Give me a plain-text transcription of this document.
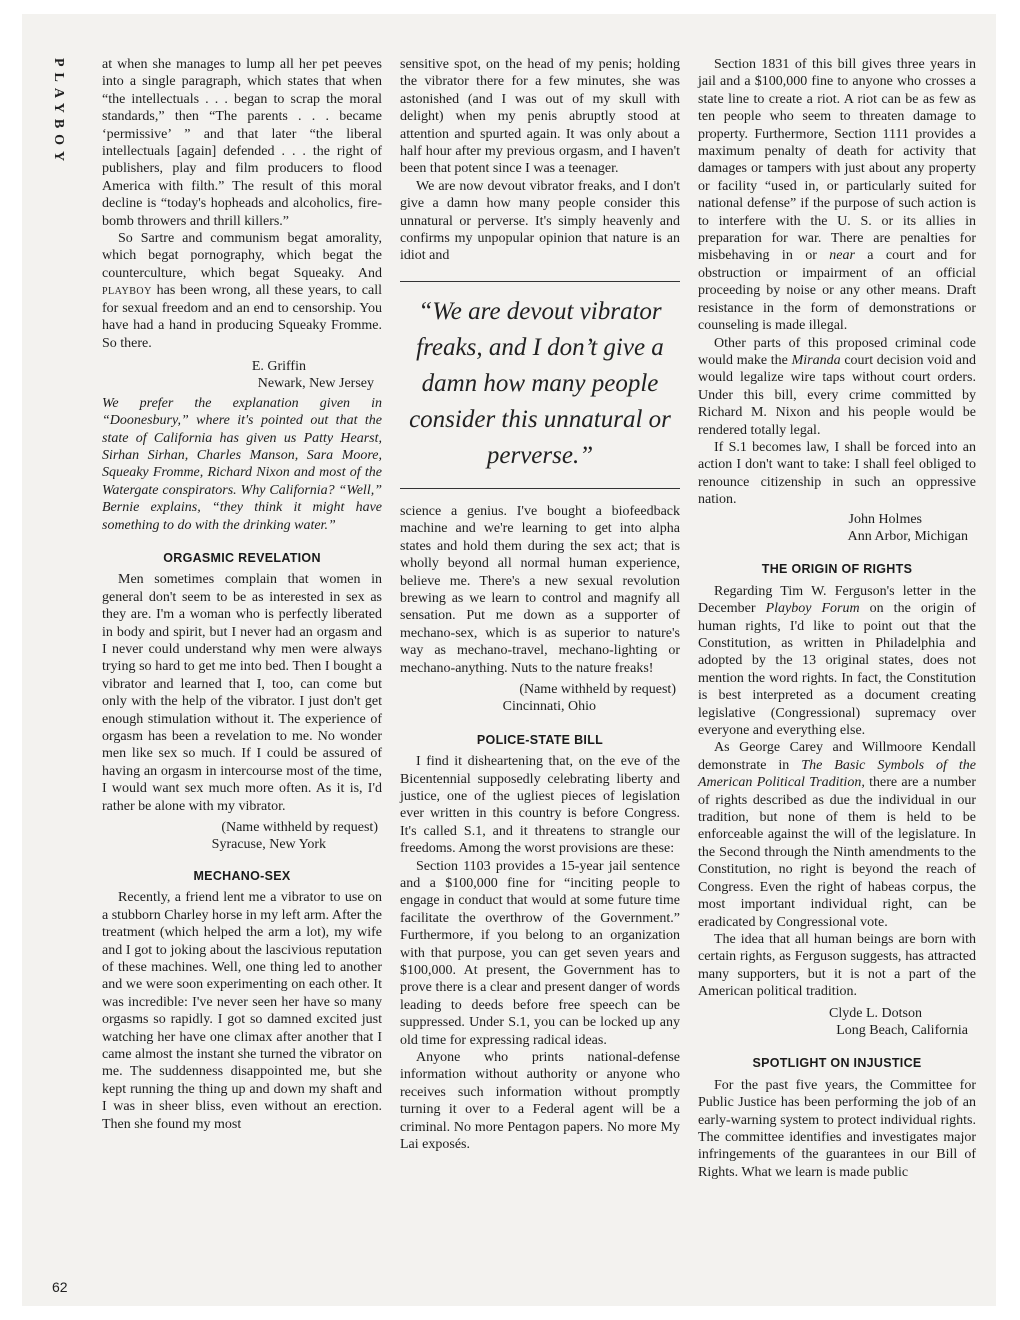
PLAYBOY
62

at when she manages to lump all her pet peeves into a single paragraph, which states that when “the intellectuals . . . began to scrap the moral standards,” then “The parents . . . became ‘permissive’ ” and that later “the liberal intellectuals [again] defended . . . the right of publishers, play and film producers to flood America with filth.” The result of this moral decline is “today's hopheads and alcoholics, fire-bomb throwers and thrill killers.”

So Sartre and communism begat amorality, which begat pornography, which begat the counterculture, which begat Squeaky. And playboy has been wrong, all these years, to call for sexual freedom and an end to censorship. You have had a hand in producing Squeaky Fromme. So there.

E. Griffin
Newark, New Jersey

We prefer the explanation given in “Doonesbury,” where it's pointed out that the state of California has given us Patty Hearst, Sirhan Sirhan, Charles Manson, Sara Moore, Squeaky Fromme, Richard Nixon and most of the Watergate conspirators. Why California? “Well,” Bernie explains, “they think it might have something to do with the drinking water.”

ORGASMIC REVELATION

Men sometimes complain that women in general don't seem to be as interested in sex as they are. I'm a woman who is perfectly liberated in body and spirit, but I never had an orgasm and I never could understand why men were always trying so hard to get me into bed. Then I bought a vibrator and learned that I, too, can come but only with the help of the vibrator. I just don't get enough stimulation without it. The experience of orgasm has been a revelation to me. No wonder men like sex so much. If I could be assured of having an orgasm in intercourse most of the time, I would want sex much more often. As it is, I'd rather be alone with my vibrator.

(Name withheld by request)
Syracuse, New York
MECHANO-SEX

Recently, a friend lent me a vibrator to use on a stubborn Charley horse in my left arm. After the treatment (which helped the arm a lot), my wife and I got to joking about the lascivious reputation of these machines. Well, one thing led to another and we were soon experimenting on each other. It was incredible: I've never seen her have so many orgasms so rapidly. I got so damned excited just watching her have one climax after another that I came almost the instant she turned the vibrator on me. The suddenness disappointed me, but she kept running the thing up and down my shaft and I was in sheer bliss, even without an erection. Then she found my most

sensitive spot, on the head of my penis; holding the vibrator there for a few minutes, she was astonished (and I was out of my skull with delight) when my penis abruptly stood at attention and spurted again. It was only about a half hour after my previous orgasm, and I haven't been that potent since I was a teenager.

We are now devout vibrator freaks, and I don't give a damn how many people consider this unnatural or perverse. It's simply heavenly and confirms my unpopular opinion that nature is an idiot and

“We are devout vibrator freaks, and I don’t give a damn how many people consider this unnatural or perverse.”

science a genius. I've bought a biofeedback machine and we're learning to get into alpha states and hold them during the sex act; that is wholly beyond all normal human experience, believe me. There's a new sexual revolution brewing as we learn to control and magnify all sensation. Put me down as a supporter of mechano-sex, which is as superior to nature's way as mechano-travel, mechano-lighting or mechano-anything. Nuts to the nature freaks!

(Name withheld by request)
Cincinnati, Ohio
POLICE-STATE BILL

I find it disheartening that, on the eve of the Bicentennial supposedly celebrating liberty and justice, one of the ugliest pieces of legislation ever written in this country is before Congress. It's called S.1, and it threatens to strangle our freedoms. Among the worst provisions are these:

Section 1103 provides a 15-year jail sentence and a $100,000 fine for “inciting people to engage in conduct that would at some future time facilitate the overthrow of the Government.” Furthermore, if you belong to an organization with that purpose, you can get seven years and $100,000. At present, the Government has to prove there is a clear and present danger of words leading to deeds before free speech can be suppressed. Under S.1, you can be locked up any old time for expressing radical ideas.

Anyone who prints national-defense information without authority or anyone who receives such information without promptly turning it over to a Federal agent will be a criminal. No more Pentagon papers. No more My Lai exposés.

Section 1831 of this bill gives three years in jail and a $100,000 fine to anyone who crosses a state line to create a riot. A riot can be as few as ten people who seem to threaten damage to property. Furthermore, Section 1111 provides a maximum penalty of death for activity that damages or tampers with just about any property or facility “used in, or particularly suited for national defense” if the purpose of such action is to interfere with the U. S. or its allies in preparation for war. There are penalties for misbehaving in or near a court and for obstruction or impairment of an official proceeding by noise or any other means. Draft resistance in the form of demonstrations or counseling is made illegal.

Other parts of this proposed criminal code would make the Miranda court decision void and would legalize wire taps without court orders. Under this bill, every crime committed by Richard M. Nixon and his people would be rendered totally legal.

If S.1 becomes law, I shall be forced into an action I don't want to take: I shall feel obliged to renounce citizenship in such an oppressive nation.

John Holmes
Ann Arbor, Michigan
THE ORIGIN OF RIGHTS

Regarding Tim W. Ferguson's letter in the December Playboy Forum on the origin of human rights, I'd like to point out that the Constitution, as written in Philadelphia and adopted by the 13 original states, does not mention the word rights. In fact, the Constitution is best interpreted as a document creating legislative (Congressional) supremacy over everyone and everything else.

As George Carey and Willmoore Kendall demonstrate in The Basic Symbols of the American Political Tradition, there are a number of rights described as due the individual in our tradition, but none of them is held to be enforceable against the will of the legislature. In the Second through the Ninth amendments to the Constitution, no right is beyond the reach of Congress. Even the right of habeas corpus, the most important individual right, can be eradicated by Congressional vote.

The idea that all human beings are born with certain rights, as Ferguson suggests, has attracted many supporters, but it is not a part of the American political tradition.

Clyde L. Dotson
Long Beach, California
SPOTLIGHT ON INJUSTICE

For the past five years, the Committee for Public Justice has been performing the job of an early-warning system to protect individual rights. The committee identifies and investigates major infringements of the guarantees in our Bill of Rights. What we learn is made public
